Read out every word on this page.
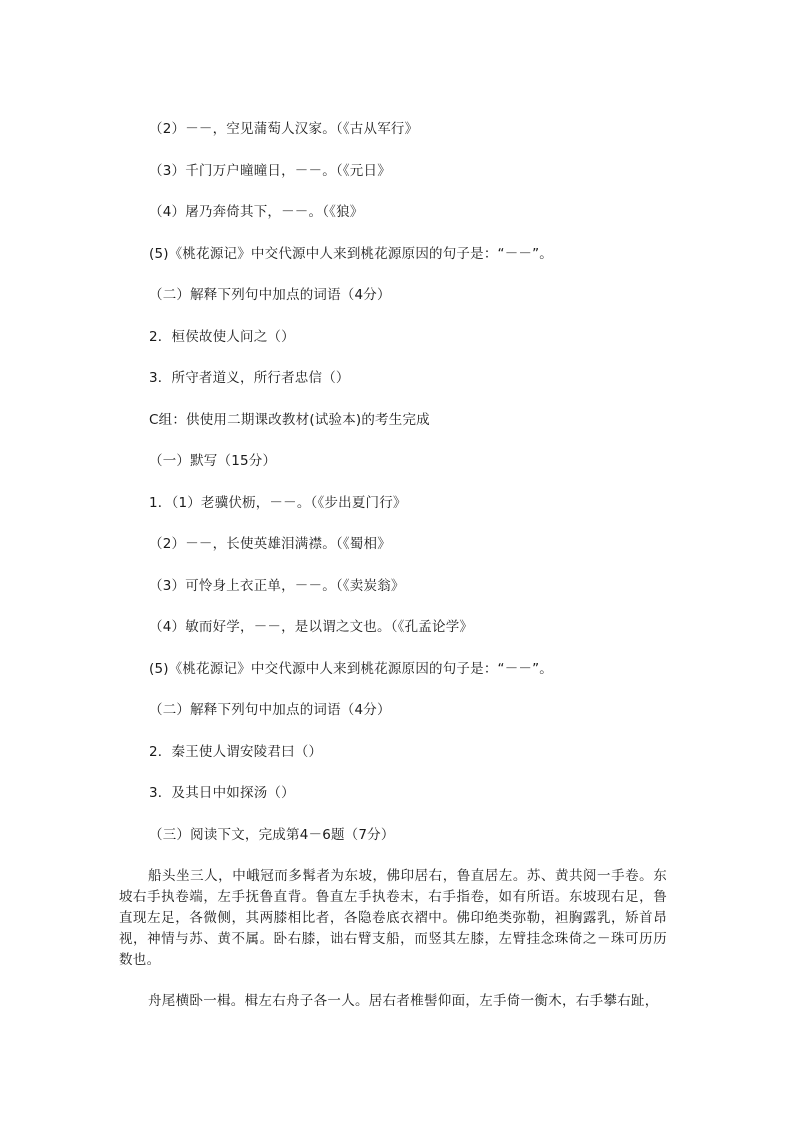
（2）－－，空见蒲萄人汉家。（《古从军行》
（3）千门万户曈曈日，－－。（《元日》
（4）屠乃奔倚其下，－－。（《狼》
(5)《桃花源记》中交代源中人来到桃花源原因的句子是：“－－”。
（二）解释下列句中加点的词语（4分）
2．桓侯故使人问之（）
3．所守者道义，所行者忠信（）
C组：供使用二期课改教材(试验本)的考生完成
（一）默写（15分）
1．（1）老骥伏枥，－－。（《步出夏门行》
（2）－－，长使英雄泪满襟。（《蜀相》
（3）可怜身上衣正单，－－。（《卖炭翁》
（4）敏而好学，－－，是以谓之文也。（《孔孟论学》
(5)《桃花源记》中交代源中人来到桃花源原因的句子是：“－－”。
（二）解释下列句中加点的词语（4分）
2．秦王使人谓安陵君曰（）
3．及其日中如探汤（）
（三）阅读下文，完成第4－6题（7分）
船头坐三人，中峨冠而多髯者为东坡，佛印居右，鲁直居左。苏、黄共阅一手卷。东坡右手执卷端，左手抚鲁直背。鲁直左手执卷末，右手指卷，如有所语。东坡现右足，鲁直现左足，各微侧，其两膝相比者，各隐卷底衣褶中。佛印绝类弥勒，袒胸露乳，矫首昂视，神情与苏、黄不属。卧右膝，诎右臂支船，而竖其左膝，左臂挂念珠倚之－珠可历历数也。
舟尾横卧一楫。楫左右舟子各一人。居右者椎髻仰面，左手倚一衡木，右手攀右趾，
